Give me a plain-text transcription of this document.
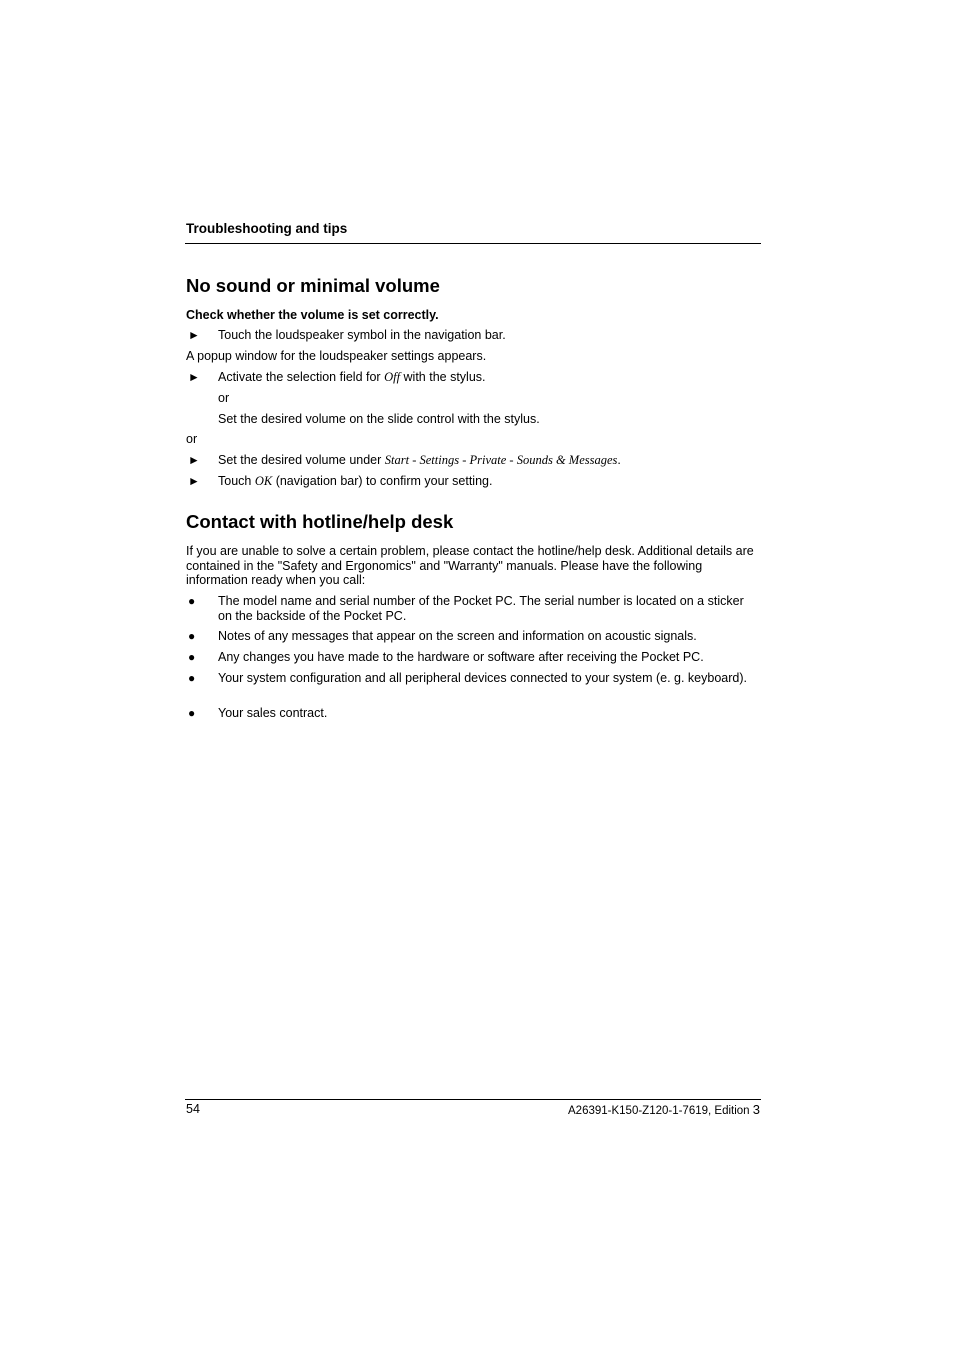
Troubleshooting and tips
No sound or minimal volume
Check whether the volume is set correctly.
► Touch the loudspeaker symbol in the navigation bar.
A popup window for the loudspeaker settings appears.
► Activate the selection field for Off with the stylus.
or
Set the desired volume on the slide control with the stylus.
or
► Set the desired volume under Start - Settings - Private - Sounds & Messages.
► Touch OK (navigation bar) to confirm your setting.
Contact with hotline/help desk
If you are unable to solve a certain problem, please contact the hotline/help desk. Additional details are contained in the "Safety and Ergonomics" and "Warranty" manuals. Please have the following information ready when you call:
● The model name and serial number of the Pocket PC. The serial number is located on a sticker on the backside of the Pocket PC.
● Notes of any messages that appear on the screen and information on acoustic signals.
● Any changes you have made to the hardware or software after receiving the Pocket PC.
● Your system configuration and all peripheral devices connected to your system (e. g. keyboard).
● Your sales contract.
54	A26391-K150-Z120-1-7619, Edition 3
